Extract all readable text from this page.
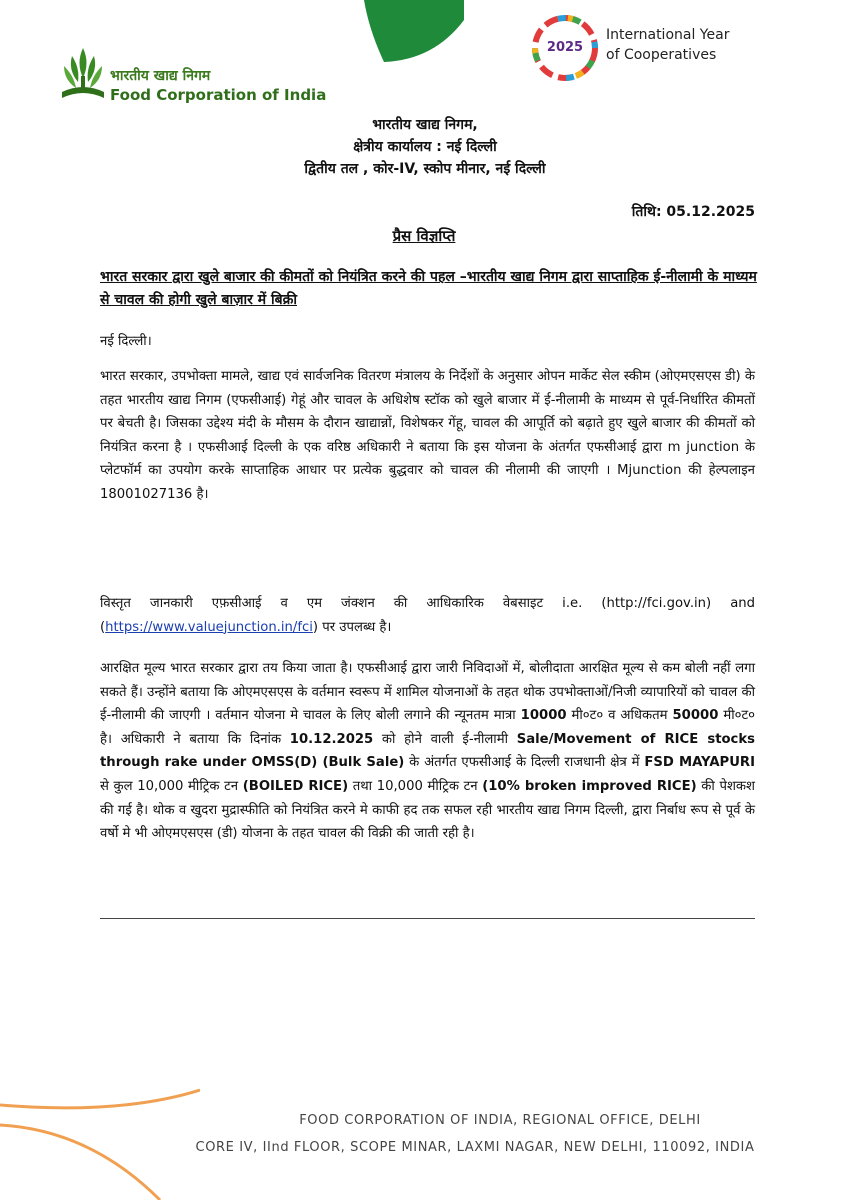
भारतीय खाद्य निगम
Food Corporation of India
2025
International Year
of Cooperatives
भारतीय खाद्य निगम,
क्षेत्रीय कार्यालय : नई दिल्ली
द्वितीय तल , कोर-IV, स्कोप मीनार, नई दिल्ली
तिथि: 05.12.2025
प्रैस विज्ञप्ति
भारत सरकार द्वारा खुले बाजार की कीमतों को नियंत्रित करने की पहल –भारतीय खाद्य निगम द्वारा साप्ताहिक ई-नीलामी के माध्यम से चावल की होगी खुले बाज़ार में बिक्री
नई दिल्ली।
भारत सरकार, उपभोक्ता मामले, खाद्य एवं सार्वजनिक वितरण मंत्रालय के निर्देशों के अनुसार ओपन मार्केट सेल स्कीम (ओएमएसएस डी) के तहत भारतीय खाद्य निगम (एफसीआई) गेहूं और चावल के अधिशेष स्टॉक को खुले बाजार में ई-नीलामी के माध्यम से पूर्व-निर्धारित कीमतों पर बेचती है। जिसका उद्देश्य मंदी के मौसम के दौरान खाद्यान्नों, विशेषकर गेंहू, चावल की आपूर्ति को बढ़ाते हुए खुले बाजार की कीमतों को नियंत्रित करना है । एफसीआई दिल्ली के एक वरिष्ठ अधिकारी ने बताया कि इस योजना के अंतर्गत एफसीआई द्वारा m junction के प्लेटफॉर्म का उपयोग करके साप्ताहिक आधार पर प्रत्येक बुद्धवार को चावल की नीलामी की जाएगी । Mjunction की हेल्पलाइन 18001027136 है।
विस्तृत जानकारी एफ़सीआई व एम जंक्शन की आधिकारिक वेबसाइट i.e. (http://fci.gov.in) and (https://www.valuejunction.in/fci) पर उपलब्ध है।
आरक्षित मूल्य भारत सरकार द्वारा तय किया जाता है। एफसीआई द्वारा जारी निविदाओं में, बोलीदाता आरक्षित मूल्य से कम बोली नहीं लगा सकते हैं। उन्होंने बताया कि ओएमएसएस के वर्तमान स्वरूप में शामिल योजनाओं के तहत थोक उपभोक्ताओं/निजी व्यापारियों को चावल की ई-नीलामी की जाएगी । वर्तमान योजना मे चावल के लिए बोली लगाने की न्यूनतम मात्रा 10000 मी०ट० व अधिकतम 50000 मी०ट० है। अधिकारी ने बताया कि दिनांक 10.12.2025 को होने वाली ई-नीलामी Sale/Movement of RICE stocks through rake under OMSS(D) (Bulk Sale) के अंतर्गत एफसीआई के दिल्ली राजधानी क्षेत्र में FSD MAYAPURI से कुल 10,000 मीट्रिक टन (BOILED RICE) तथा 10,000 मीट्रिक टन (10% broken improved RICE) की पेशकश की गई है। थोक व खुदरा मुद्रास्फीति को नियंत्रित करने मे काफी हद तक सफल रही भारतीय खाद्य निगम दिल्ली, द्वारा निर्बाध रूप से पूर्व के वर्षो मे भी ओएमएसएस (डी) योजना के तहत चावल की विक्री की जाती रही है।
FOOD CORPORATION OF INDIA, REGIONAL OFFICE, DELHI
CORE IV, IInd FLOOR, SCOPE MINAR, LAXMI NAGAR, NEW DELHI, 110092, INDIA
